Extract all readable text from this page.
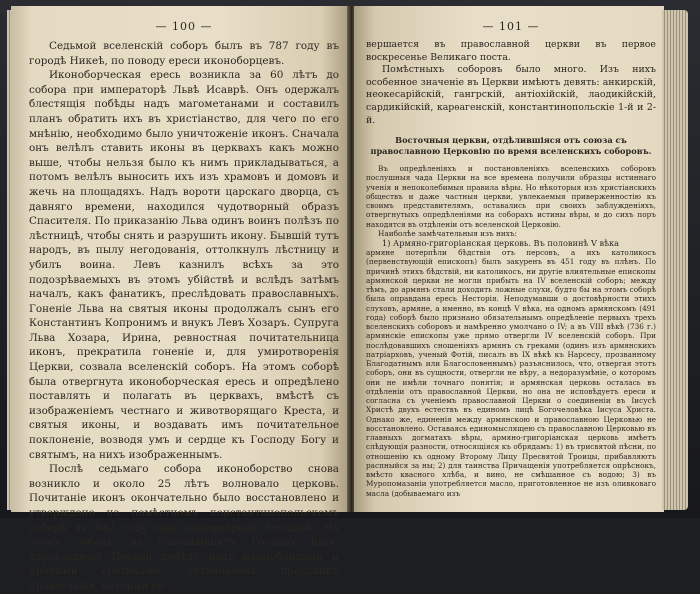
— 100 —

Седьмой вселенскій соборъ былъ въ 787 году въ городѣ Никеѣ, по поводу ереси иконоборцевъ.

Иконоборческая ересь возникла за 60 лѣтъ до собора при императорѣ Львѣ Исаврѣ. Онъ одержалъ блестящія побѣды надъ магометанами и составилъ планъ обратить ихъ въ христіанство, для чего по его мнѣнію, необходимо было уничтоженіе иконъ. Сначала онъ велѣлъ ставить иконы въ церквахъ какъ можно выше, чтобы нельзя было къ нимъ прикладываться, а потомъ велѣлъ выносить ихъ изъ храмовъ и домовъ и жечь на площадяхъ. Надъ вороти царскаго дворца, съ давняго времени, находился чудотворный образъ Спасителя. По приказанію Льва одинъ воинъ полѣзъ по лѣстницѣ, чтобы снять и разрушить икону. Бывшій тутъ народъ, въ пылу негодованія, оттолкнулъ лѣстницу и убилъ воина. Левъ казнилъ всѣхъ за это подозрѣваемыхъ въ этомъ убійствѣ и вслѣдъ затѣмъ началъ, какъ фанатикъ, преслѣдовать православныхъ. Гоненіе Льва на святыя иконы продолжалъ сынъ его Константинъ Копронимъ и внукъ Левъ Хозаръ. Супруга Льва Хозара, Ирина, ревностная почитательница иконъ, прекратила гоненіе и, для умиротворенія Церкви, созвала вселенскій соборъ. На этомъ соборѣ была отвергнута иконоборческая ересь и опредѣлено поставлять и полагать въ церквахъ, вмѣстѣ съ изображеніемъ честнаго и животворящаго Креста, и святыя иконы, и воздавать имъ почитательное поклоненіе, возводя умъ и сердце къ Господу Богу и святымъ, на нихъ изображеннымъ.

Послѣ седьмаго собора иконоборство снова возникло и около 25 лѣтъ волновало церковь. Почитаніе иконъ окончательно было восстановлено и утверждено на помѣстномъ константинопольскомъ соборѣ въ 842 году при императрицѣ Ѳеодорѣ. На этомъ соборѣ, въ благодарность Господу Богу, даровавшему Церкви побѣду надъ иконоборцами и прочими еретиками, установленъ праздникъ православія, который со-

— 101 —

вершается въ православной церкви въ первое воскресенье Великаго поста.

Помѣстныхъ соборовъ было много. Изъ нихъ особенное значеніе въ Церкви имѣютъ девять: анкирскій, неокесарійскій, гангрскій, антіохійскій, лаодикійскій, сардикійскій, карѳагенскій, константинопольскіе 1-й и 2-й.

Восточныя церкви, отдѣлившіяся отъ союза съ православною Церковію по время вселенскихъ соборовъ.

Въ опредѣленіяхъ и постановленіяхъ вселенскихъ соборовъ послушныя чада Церкви на все времена получили образцы истиннаго ученія и непоколебимыя правила вѣры. Но нѣкоторыя изъ христіанскихъ обществъ и даже частныя церкви, увлекаемыя приверженностію къ своимъ представителямъ, оставались при своихъ заблужденіяхъ, отвергнутыхъ опредѣленіями на соборахъ истины вѣры, и до сихъ поръ находятся въ отдѣленіи отъ вселенской Церковію.

Наиболѣе замѣчательныя изъ нихъ:

1) Армяно-григоріанская церковь. Въ половинѣ V вѣка

армяне потерпѣли бѣдствія отъ персовъ, а ихъ католикосъ (первенствующій епископъ) былъ закуренъ въ 451 году въ плѣнъ. По причинѣ этихъ бѣдствій, ни католикосъ, ни другіе влиятельные епископы армянской церкви не могли прибыть на IV вселенскій соборъ; между тѣмъ, до армянъ стали доходить ложные слухи, будто бы на этомъ соборѣ была оправдана ересь Несторія. Неподумавши о достовѣрности этихъ слуховъ, армяне, а именно, въ концѣ V вѣка, на одномъ армянскомъ (491 года) соборѣ было признано обязательнымъ опредѣленіе первыхъ трехъ вселенскихъ соборовъ и намѣренно умолчано о IV; а въ VIII вѣкѣ (736 г.) армянскіе епископы уже прямо отвергли IV вселенскій соборъ. При послѣдовавшихъ сношеніяхъ армянъ съ греками (одинъ изъ армянскихъ патріарховъ, ученый Фотій, писалъ въ IX вѣкѣ къ Нарсесу, прозванному Благодатнымъ или Благословеннымъ) разъяснилось, что, отвергая этотъ соборъ, они въ сущности, отвергли не вѣру, а недоразумѣніе, о которомъ они не имѣли точнаго понятія; и армянская церковь осталась въ отдѣленіи отъ православной Церкви, но она не исповѣдуетъ ереси и согласна съ ученіемъ православной Церкви о соединеніи въ Іисусѣ Христѣ двухъ естествъ въ единомъ лицѣ Богочеловѣка Іисуса Христа. Однако же, единенія между армянскою и православною Церковью не восстановлено. Оставаясь единомыслящею съ православною Церковью въ главныхъ догматахъ вѣры, армяно-григоріанская церковь имѣетъ слѣдующія разности, относящіяся къ обрядамъ: 1) въ трисвятой пѣсни, по отношенію къ одному Второму Лицу Пресвятой Троицы, прибавляютъ распныйся за ны; 2) для таинства Причащенія употребляется опрѣснокъ, вмѣсто квасного хлѣба, и вино, не смѣшанное съ водою; 3) въ Муропомазаніи употребляется масло, приготовленное не изъ оливковаго масла (добываемаго изъ
